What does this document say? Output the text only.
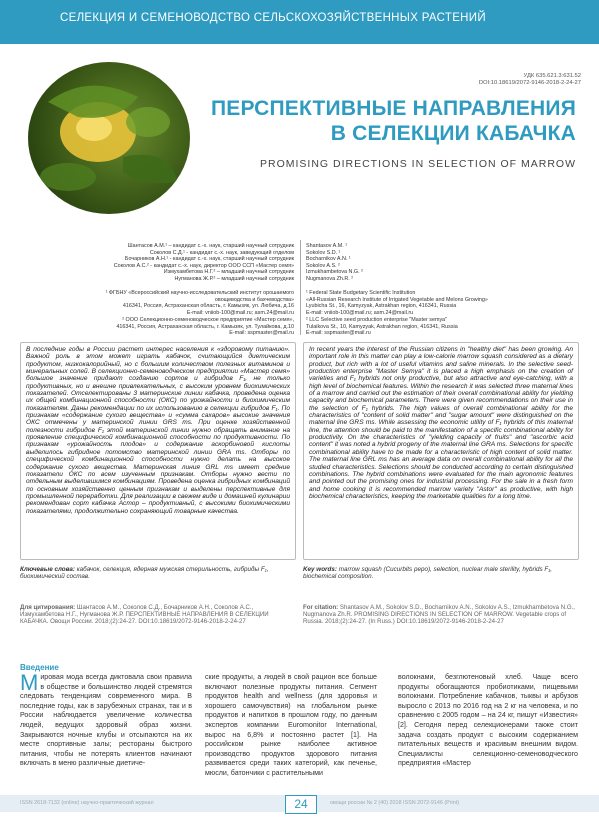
СЕЛЕКЦИЯ И СЕМЕНОВОДСТВО СЕЛЬСКОХОЗЯЙСТВЕННЫХ РАСТЕНИЙ
УДК 635.621.3:631.52
DOI:10.18619/2072-9146-2018-2-24-27
ПЕРСПЕКТИВНЫЕ НАПРАВЛЕНИЯ
В СЕЛЕКЦИИ КАБАЧКА
PROMISING DIRECTIONS IN SELECTION OF MARROW
Шантасов А.М.¹ – кандидат с.-х. наук, старший научный сотрудник
Соколов С.Д.¹ - кандидат с.-х. наук, заведующий отделом
Бочарников А.Н.¹ - кандидат с.-х. наук, старший научный сотрудник
Соколов А.С.² - кандидат с.-х. наук, директор ООО ССП «Мастер семя»
Измухамбетова Н.Г.² – младший научный сотрудник
Нугманова Ж.Р.² – младший научный сотрудник
Shantasov A.M. ¹
Sokolov S.D. ¹
Bocharnikov A.N. ¹
Sokolov A.S. ²
Izmukhambetova N.G. ²
Nugmanova Zh.R. ²
¹ ФГБНУ «Всероссийский научно-исследовательский институт орошаемого
овощеводства и бахчеводства»
416341, Россия, Астраханская область, г. Камызяк, ул. Любича, д.16
E-mail: vniiob-100@mail.ru; asm.24@mail.ru
¹ Federal State Budgetary Scientific Institution
«All-Russian Research Institute of Irrigated Vegetable and Melons Growing»
Lyubicha St., 16, Kamyzyak, Astrakhan region, 416341, Russia
E-mail: vniiob-100@mail.ru; asm.24@mail.ru
² ООО Селекционно-семеноводческое предприятие «Мастер семя»,
416341, Россия, Астраханская область, г. Камызяк, ул. Тулайкова, д.10
E-mail: sspmaster@mail.ru
² LLC Selective seed production enterprise "Master semya"
Tulaikova St., 10, Kamyzyak, Astrakhan region, 416341, Russia
E-mail: sspmaster@mail.ru
В последние годы в России растет интерес населения к «здоровому питанию». Важной роль в этом может играть кабачок, считающийся диетическим продуктом, низкокалорийный, но с большим количеством полезных витаминов и минеральных солей. В селекционно-семеноводческом предприятии «Мастер семя» большое значение придают созданию сортов и гибридов F₁, не только продуктивных, но и внешне привлекательных, с высоким уровнем биохимических показателей. Отселектированы 3 материнские линии кабачка, проведена оценка их общей комбинационной способности (ОКС) по урожайности и биохимическим показателям. Даны рекомендации по их использованию в селекции гибридов F₁. По признакам «содержание сухого вещества» и «сумма сахаров» высокие значения ОКС отмечены у материнской линии GRS ms. При оценке хозяйственной полезности гибридов F₁ этой материнской линии нужно обращать внимание на проявление специфической комбинационной способности по продуктивности. По признакам «урожайность плодов» и содержание аскорбиновой кислоты выделилось гибридное потомство материнской линии GRA ms. Отборы по специфической комбинационной способности нужно делать на высокое содержание сухого вещества. Материнская линия GRL ms имеет средние показатели ОКС по всем изученным признакам. Отборы нужно вести по отдельным выделившимся комбинациям. Проведена оценка гибридных комбинаций по основным хозяйственно ценным признакам и выделены перспективные для промышленной переработки. Для реализации в свежем виде и домашней кулинарии рекомендован сорт кабачка Астор – продуктивный, с высокими биохимическими показателями, продолжительно сохраняющий товарные качества.
In recent years the interest of the Russian citizens in "healthy diet" has been growing. An important role in this matter can play a low-calorie marrow squash considered as a dietary product, but rich with a lot of useful vitamins and saline minerals. In the selective seed-production enterprise "Master Semya" it is placed a high emphasis on the creation of varieties and F₁ hybrids not only productive, but also attractive and eye-catching, with a high level of biochemical features. Within the research it was selected three maternal lines of a marrow and carried out the estimation of their overall combinational ability for yielding capacity and biochemical parameters. There were given recommendations on their use in the selection of F₁ hybrids. The high values of overall combinational ability for the characteristics of "content of solid matter" and "sugar amount" were distinguished on the maternal line GRS ms. While assessing the economic utility of F₁ hybrids of this maternal line, the attention should be paid to the manifestation of a specific combinational ability for productivity. On the characteristics of "yielding capacity of fruits" and "ascorbic acid content" it was noted a hybrid progeny of the maternal line GRA ms. Selections for specific combinational ability have to be made for a characteristic of high content of solid matter. The maternal line GRL ms has an average data on overall combinational ability for all the studied characteristics. Selections should be conducted according to certain distinguished combinations. The hybrid combinations were evaluated for the main agronomic features and pointed out the promising ones for industrial processing. For the sale in a fresh form and home cooking it is recommended marrow variety "Astor" as productive, with high biochemical characteristics, keeping the marketable qualities for a long time.
Ключевые слова: кабачок, селекция, ядерная мужская стерильность, гибриды F₁, биохимический состав.
Key words: marrow squash (Cucurbits pepo), selection, nuclear male sterility, hybrids F₁, biochemical composition.
Для цитирования: Шантасов А.М., Соколов С.Д., Бочарников А.Н., Соколов А.С., Измухамбетова Н.Г., Нугманова Ж.Р. ПЕРСПЕКТИВНЫЕ НАПРАВЛЕНИЯ В СЕЛЕКЦИИ КАБАЧКА. Овощи России. 2018;(2):24-27. DOI:10.18619/2072-9146-2018-2-24-27
For citation: Shantasov A.M., Sokolov S.D., Bocharnikov A.N., Sokolov A.S., Izmukhambetova N.G., Nugmanova Zh.R. PROMISING DIRECTIONS IN SELECTION OF MARROW. Vegetable crops of Russia. 2018;(2):24-27. (In Russ.) DOI:10.18619/2072-9146-2018-2-24-27
Введение
М ировая мода всегда диктовала свои правила в обществе и большинство людей стремятся следовать тенденциям современного мира. В последние годы, как в зарубежных странах, так и в России наблюдается увеличение количества людей, ведущих здоровый образ жизни. Закрываются ночные клубы и отсыпаются на их месте спортивные залы; рестораны быстрого питания, чтобы не потерять клиентов начинают включать в меню различные диетиче-
ские продукты, а людей в свой рацион все больше включают полезные продукты питания. Сегмент продуктов health and wellness (для здоровья и хорошего самочувствия) на глобальном рынке продуктов и напитков в прошлом году, по данным экспертов компании Euromonitor International, вырос на 6,8% и постоянно растет [1]. На российском рынке наиболее активное производство продуктов здорового питания развивается среди таких категорий, как печенье, мюсли, батончики с растительными
волокнами, безглютеновый хлеб. Чаще всего продукты обогащаются пробиотиками, пищевыми волокнами. Потребление кабачков, тыквы и арбузов выросло с 2013 по 2016 год на 2 кг на человека, и по сравнению с 2005 годом – на 24 кг, пишут «Известия» [2]. Сегодня перед селекционерами также стоит задача создать продукт с высоким содержанием питательных веществ и красивым внешним видом. Специалисты селекционно-семеноводческого предприятия «Мастер
ISSN 2618-7132 (online) научно-практический журнал	24	овощи россии № 2 (40) 2018 ISSN 2072-9146 (Print)
